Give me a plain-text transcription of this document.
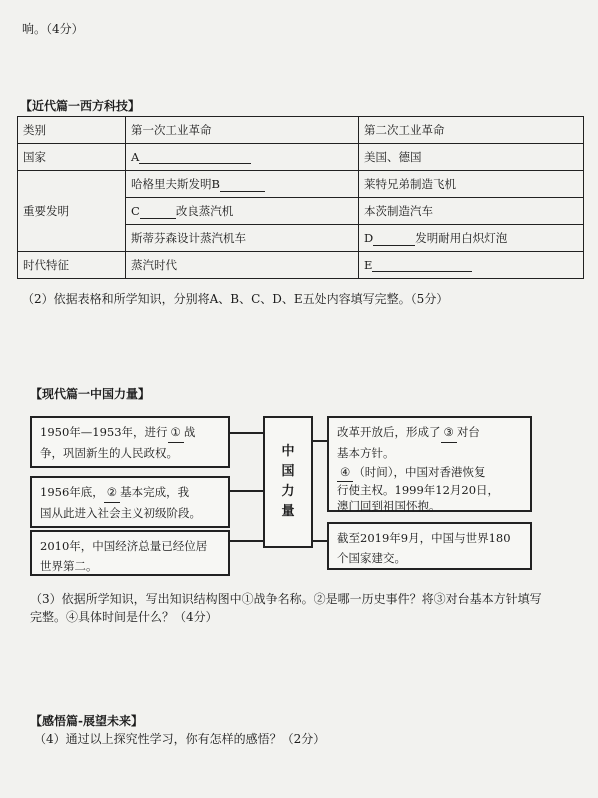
响。（4分）
【近代篇一西方科技】
类别	第一次工业革命	第二次工业革命
国家	A	美国、德国
重要发明	哈格里夫斯发明B	莱特兄弟制造飞机
	C 改良蒸汽机	本茨制造汽车
	斯蒂芬森设计蒸汽机车	D 发明耐用白炽灯泡
时代特征	蒸汽时代	E
（2）依据表格和所学知识，分别将A、B、C、D、E五处内容填写完整。（5分）
【现代篇一中国力量】
中
国
力
量
1950年—1953年，进行 ① 战
争，巩固新生的人民政权。
1956年底， ② 基本完成，我
国从此进入社会主义初级阶段。
2010年，中国经济总量已经位居
世界第二。
改革开放后，形成了 ③ 对台
基本方针。
④ （时间），中国对香港恢复
行使主权。1999年12月20日，
澳门回到祖国怀抱。
截至2019年9月，中国与世界180
个国家建交。
（3）依据所学知识，写出知识结构图中①战争名称。②是哪一历史事件？将③对台基本方针填写
完整。④具体时间是什么？（4分）
【感悟篇-展望未来】
（4）通过以上探究性学习，你有怎样的感悟？（2分）
